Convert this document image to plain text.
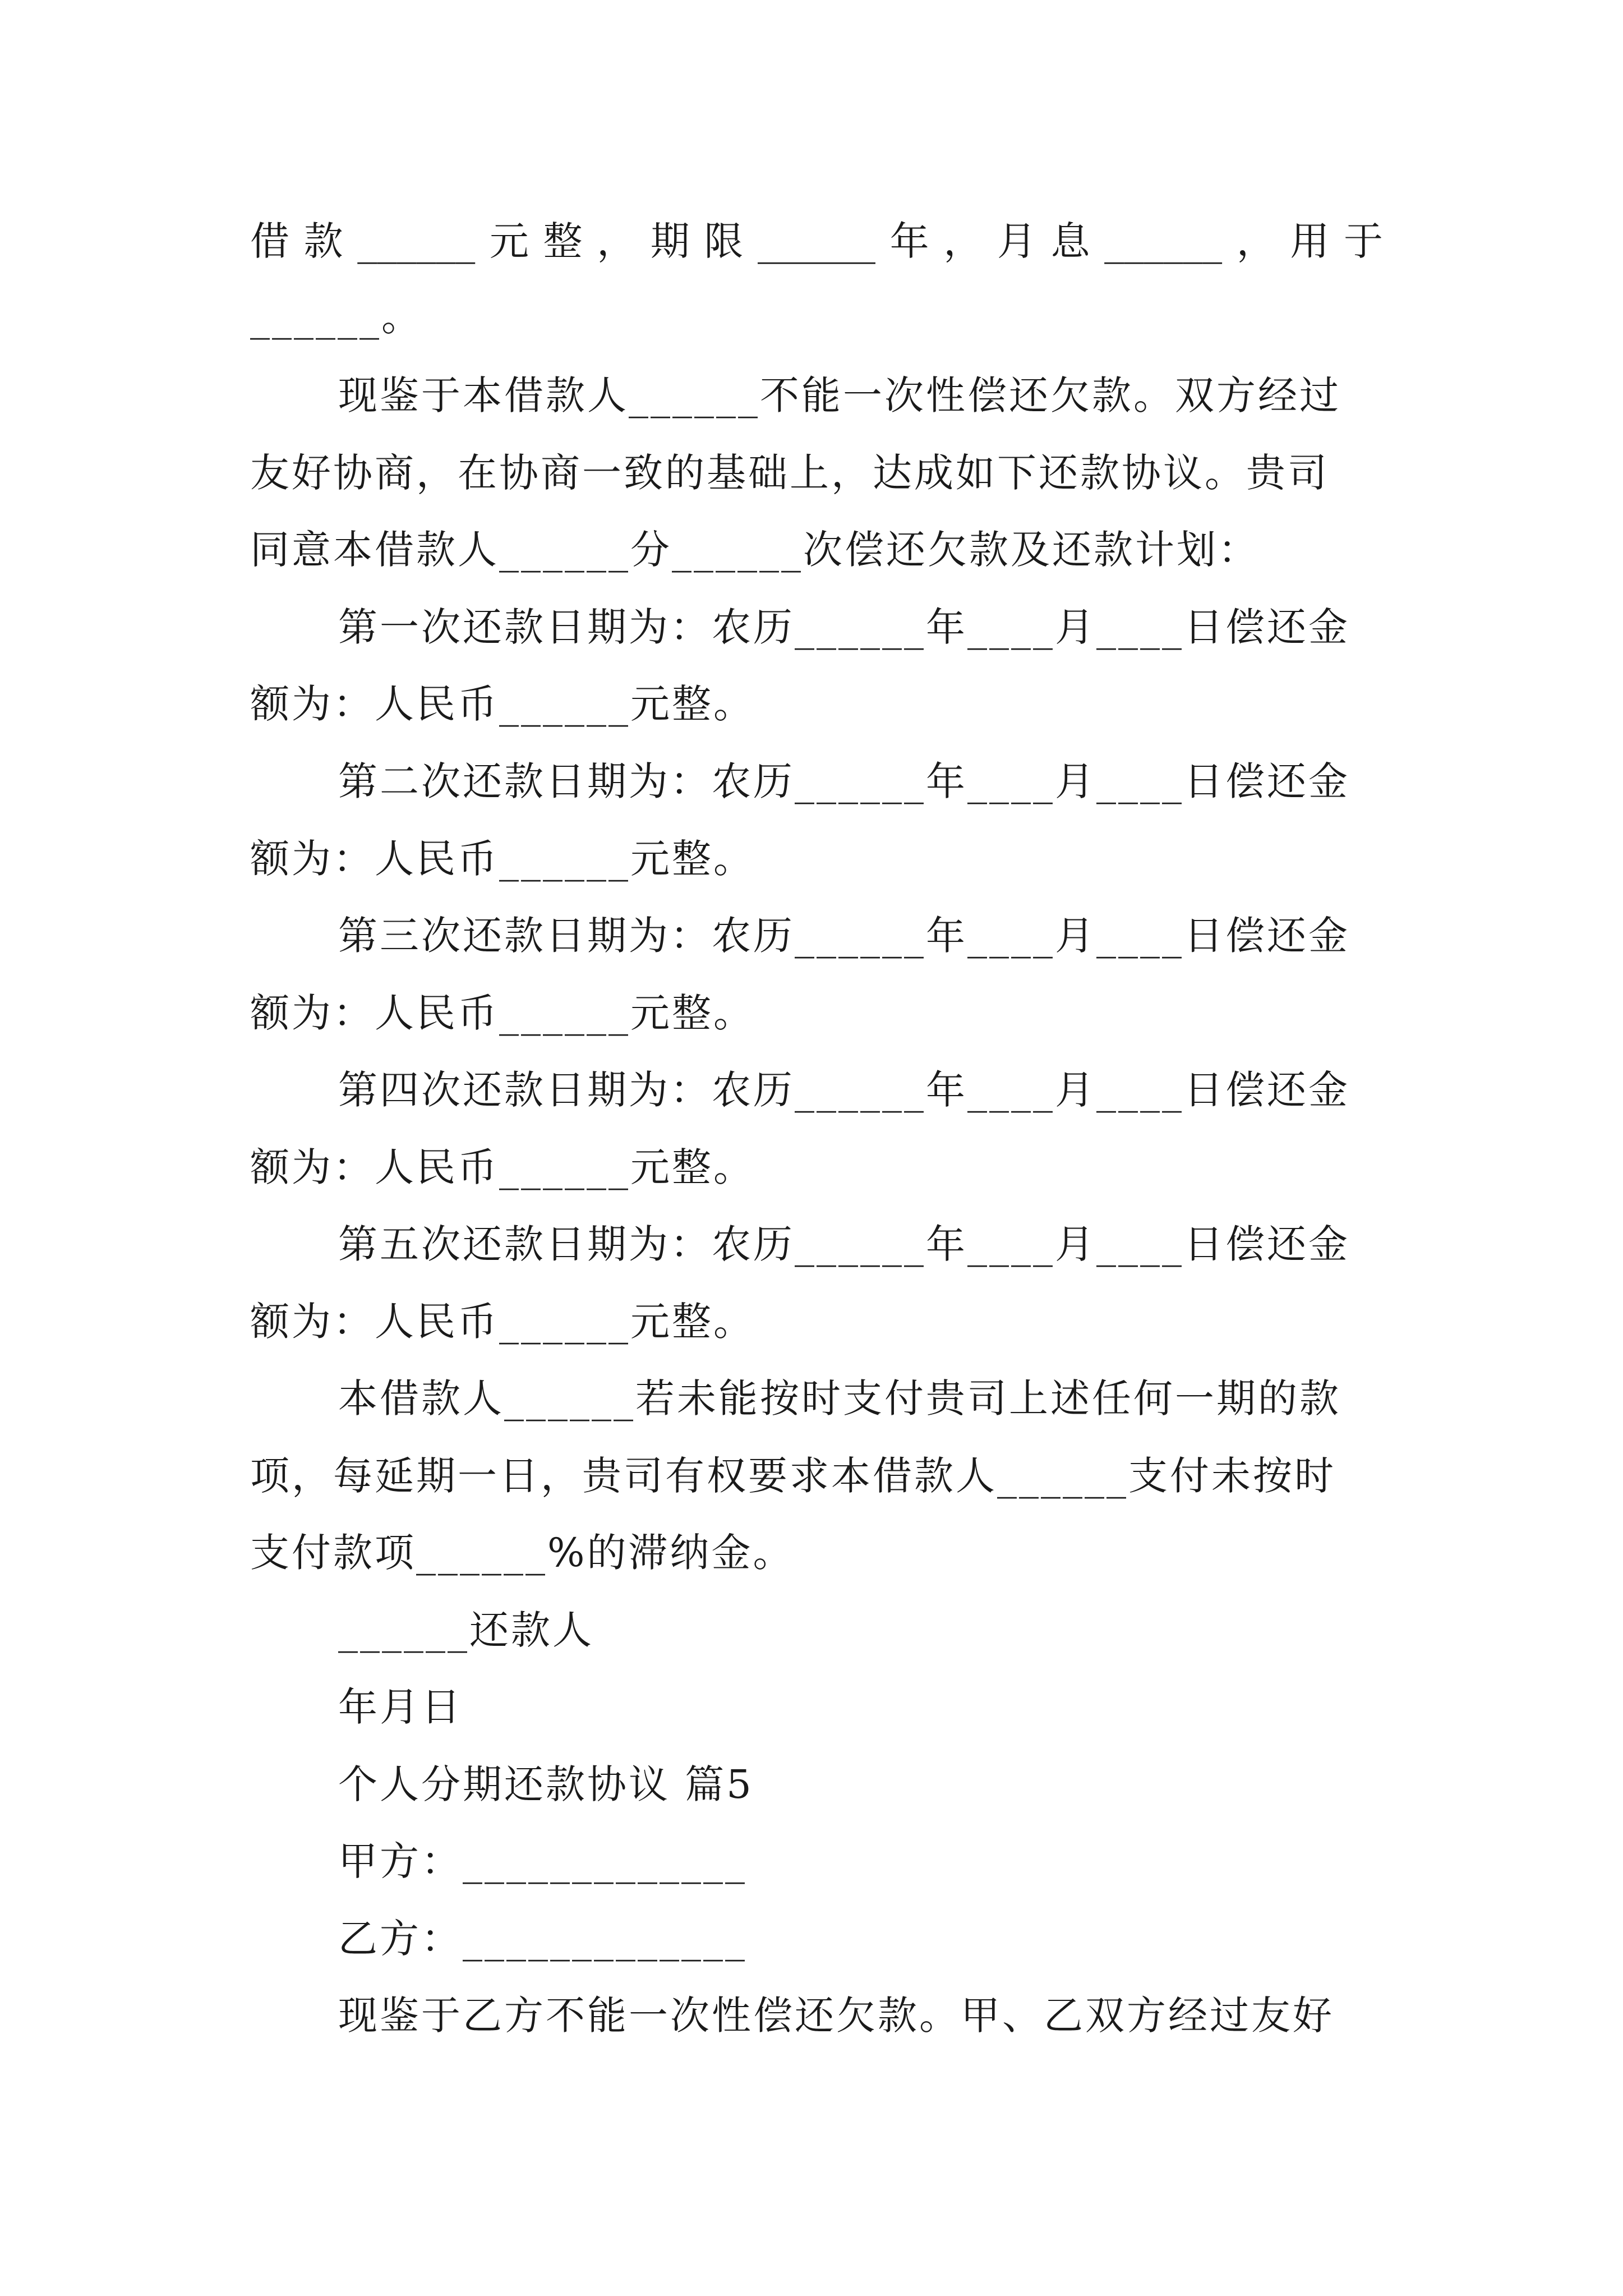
借 款 ______ 元 整 ， 期 限 ______ 年 ， 月 息 ______ ， 用 于
______。
现鉴于本借款人______不能一次性偿还欠款。双方经过
友好协商，在协商一致的基础上，达成如下还款协议。贵司
同意本借款人______分______次偿还欠款及还款计划：
第一次还款日期为：农历______年____月____日偿还金
额为：人民币______元整。
第二次还款日期为：农历______年____月____日偿还金
额为：人民币______元整。
第三次还款日期为：农历______年____月____日偿还金
额为：人民币______元整。
第四次还款日期为：农历______年____月____日偿还金
额为：人民币______元整。
第五次还款日期为：农历______年____月____日偿还金
额为：人民币______元整。
本借款人______若未能按时支付贵司上述任何一期的款
项，每延期一日，贵司有权要求本借款人______支付未按时
支付款项______%的滞纳金。
______还款人
年月日
个人分期还款协议 篇5
甲方：_____________
乙方：_____________
现鉴于乙方不能一次性偿还欠款。甲、乙双方经过友好
